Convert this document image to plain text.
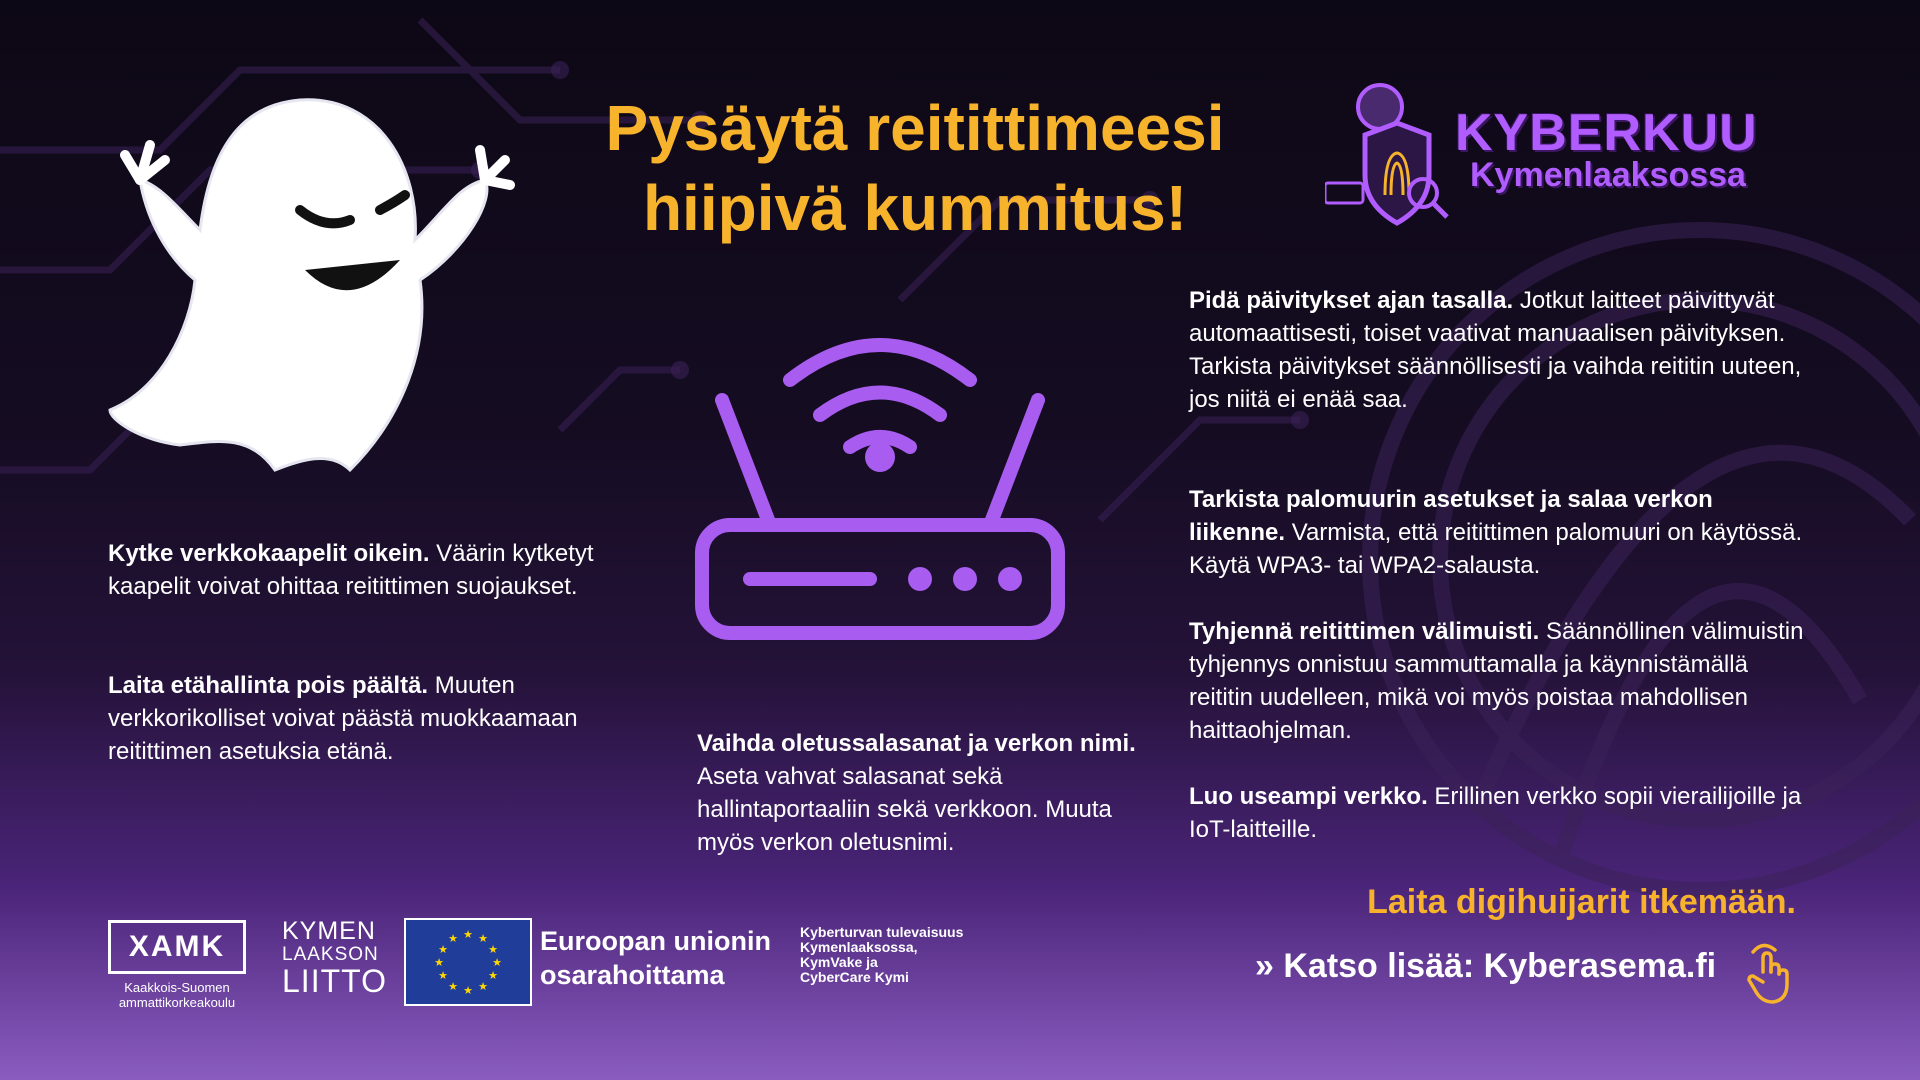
Pysäytä reitittimeesi
hiipivä kummitus!
KYBERKUU
Kymenlaaksossa

Kytke verkkokaapelit oikein. Väärin kytketyt kaapelit voivat ohittaa reitittimen suojaukset.

Laita etähallinta pois päältä. Muuten verkkorikolliset voivat päästä muokkaamaan reitittimen asetuksia etänä.	Vaihda oletussalasanat ja verkon nimi. Aseta vahvat salasanat sekä hallintaportaaliin sekä verkkoon. Muuta myös verkon oletusnimi.

Pidä päivitykset ajan tasalla. Jotkut laitteet päivittyvät automaattisesti, toiset vaativat manuaalisen päivityksen. Tarkista päivitykset säännöllisesti ja vaihda reititin uuteen, jos niitä ei enää saa.

Tarkista palomuurin asetukset ja salaa verkon liikenne. Varmista, että reitittimen palomuuri on käytössä. Käytä WPA3- tai WPA2-salausta.

Tyhjennä reitittimen välimuisti. Säännöllinen välimuistin tyhjennys onnistuu sammuttamalla ja käynnistämällä reititin uudelleen, mikä voi myös poistaa mahdollisen haittaohjelman.

Luo useampi verkko. Erillinen verkko sopii vierailijoille ja IoT-laitteille.

Laita digihuijarit itkemään.
» Katso lisää: Kyberasema.fi
XAMK
Kaakkois-Suomen
ammattikorkeakoulu
KYMEN
LAAKSON
LIITTO
★ ★
★
★
★
★
★
★
★
★
★
★	Euroopan unionin
osarahoittama
Kyberturvan tulevaisuus
Kymenlaaksossa,
KymVake ja
CyberCare Kymi
